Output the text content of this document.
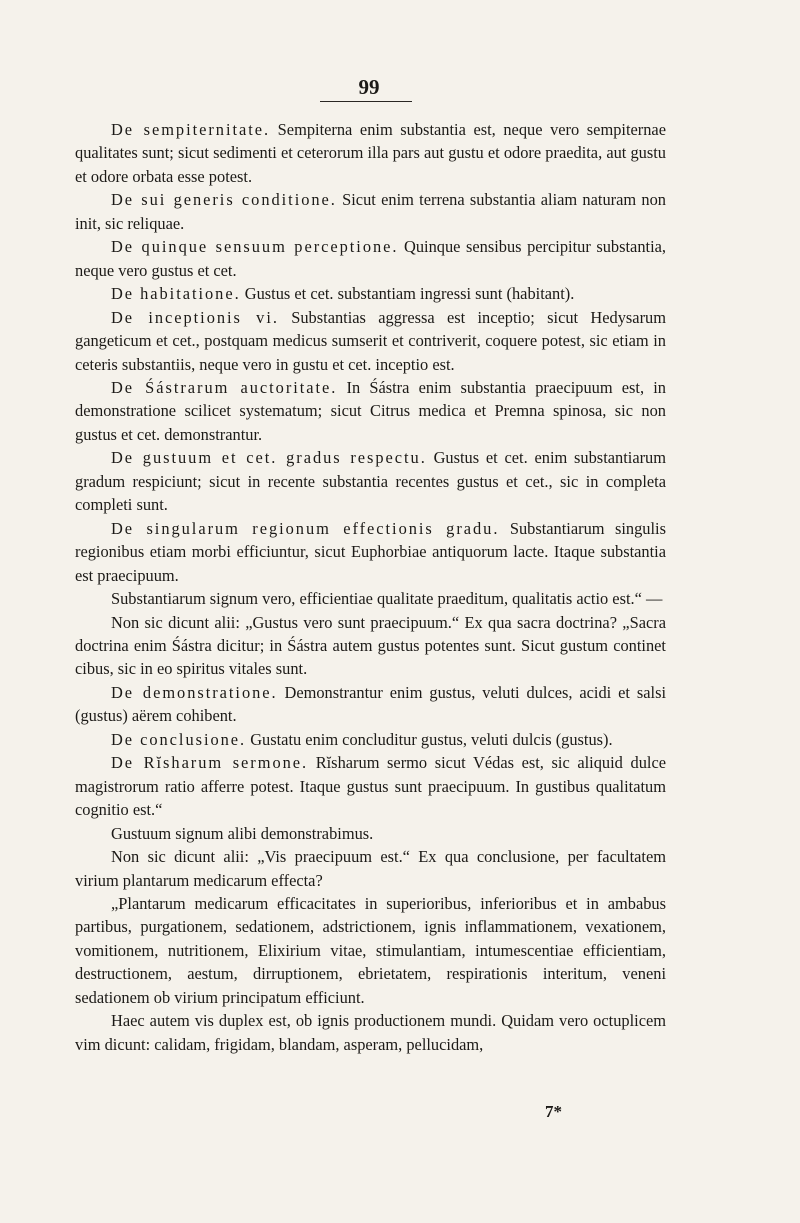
99

De sempiternitate. Sempiterna enim substantia est, neque vero sempiternae qualitates sunt; sicut sedimenti et ceterorum illa pars aut gustu et odore praedita, aut gustu et odore orbata esse potest.

De sui generis conditione. Sicut enim terrena substantia aliam naturam non init, sic reliquae.

De quinque sensuum perceptione. Quinque sensibus percipitur substantia, neque vero gustus et cet.

De habitatione. Gustus et cet. substantiam ingressi sunt (habitant).

De inceptionis vi. Substantias aggressa est inceptio; sicut Hedysarum gangeticum et cet., postquam medicus sumserit et contriverit, coquere potest, sic etiam in ceteris substantiis, neque vero in gustu et cet. inceptio est.

De Śástrarum auctoritate. In Śástra enim substantia praecipuum est, in demonstratione scilicet systematum; sicut Citrus medica et Premna spinosa, sic non gustus et cet. demonstrantur.

De gustuum et cet. gradus respectu. Gustus et cet. enim substantiarum gradum respiciunt; sicut in recente substantia recentes gustus et cet., sic in completa completi sunt.

De singularum regionum effectionis gradu. Substantiarum singulis regionibus etiam morbi efficiuntur, sicut Euphorbiae antiquorum lacte. Itaque substantia est praecipuum.

Substantiarum signum vero, efficientiae qualitate praeditum, qualitatis actio est.“ —

Non sic dicunt alii: „Gustus vero sunt praecipuum.“ Ex qua sacra doctrina? „Sacra doctrina enim Śástra dicitur; in Śástra autem gustus potentes sunt. Sicut gustum continet cibus, sic in eo spiritus vitales sunt.

De demonstratione. Demonstrantur enim gustus, veluti dulces, acidi et salsi (gustus) aërem cohibent.

De conclusione. Gustatu enim concluditur gustus, veluti dulcis (gustus).

De Rĭsharum sermone. Rĭsharum sermo sicut Védas est, sic aliquid dulce magistrorum ratio afferre potest. Itaque gustus sunt praecipuum. In gustibus qualitatum cognitio est.“

Gustuum signum alibi demonstrabimus.

Non sic dicunt alii: „Vis praecipuum est.“ Ex qua conclusione, per facultatem virium plantarum medicarum effecta?

„Plantarum medicarum efficacitates in superioribus, inferioribus et in ambabus partibus, purgationem, sedationem, adstrictionem, ignis inflammationem, vexationem, vomitionem, nutritionem, Elixirium vitae, stimulantiam, intumescentiae efficientiam, destructionem, aestum, dirruptionem, ebrietatem, respirationis interitum, veneni sedationem ob virium principatum efficiunt.

Haec autem vis duplex est, ob ignis productionem mundi. Quidam vero octuplicem vim dicunt: calidam, frigidam, blandam, asperam, pellucidam,

7*
